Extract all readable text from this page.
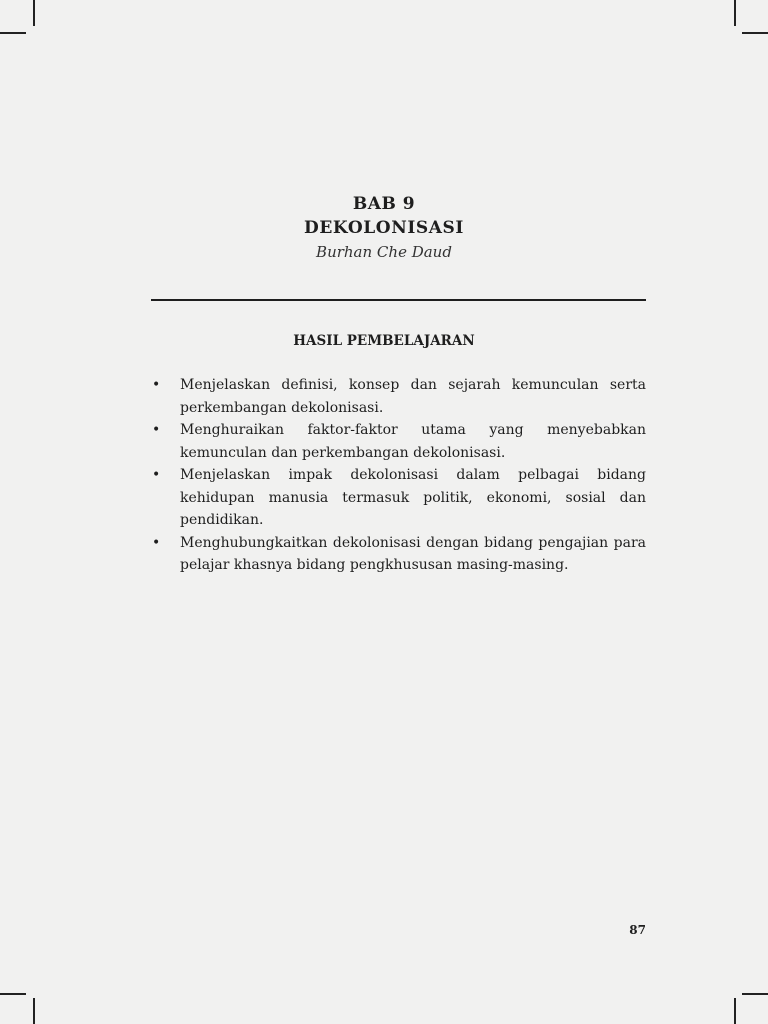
BAB 9
DEKOLONISASI
Burhan Che Daud
HASIL PEMBELAJARAN
• Menjelaskan definisi, konsep dan sejarah kemunculan serta perkembangan dekolonisasi.
• Menghuraikan faktor-faktor utama yang menyebabkan kemunculan dan perkembangan dekolonisasi.
• Menjelaskan impak dekolonisasi dalam pelbagai bidang kehidupan manusia termasuk politik, ekonomi, sosial dan pendidikan.
• Menghubungkaitkan dekolonisasi dengan bidang pengajian para pelajar khasnya bidang pengkhususan masing-masing.
87
